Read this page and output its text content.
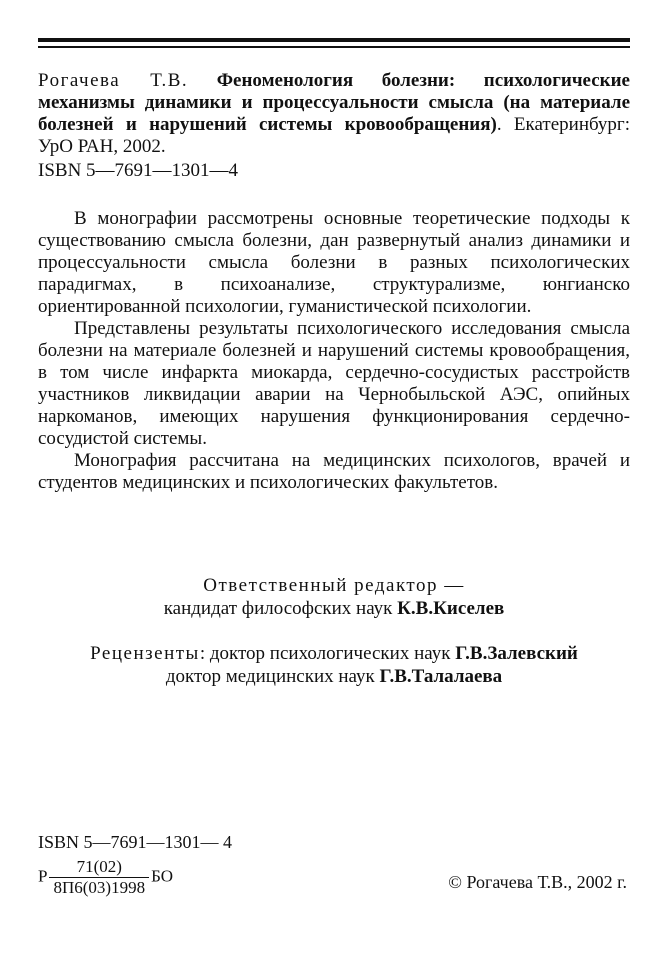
Рогачева Т.В. Феноменология болезни: психологические механизмы динамики и процессуальности смысла (на материале болезней и нарушений системы кровообращения). Екатеринбург: УрО РАН, 2002.
ISBN 5—7691—1301—4

В монографии рассмотрены основные теоретические подходы к существованию смысла болезни, дан развернутый анализ динамики и процессуальности смысла болезни в разных психологических парадигмах, в психоанализе, структурализме, юнгианско ориентированной психологии, гуманистической психологии.

Представлены результаты психологического исследования смысла болезни на материале болезней и нарушений системы кровообращения, в том числе инфаркта миокарда, сердечно-сосудистых расстройств участников ликвидации аварии на Чернобыльской АЭС, опийных наркоманов, имеющих нарушения функционирования сердечно-сосудистой системы.

Монография рассчитана на медицинских психологов, врачей и студентов медицинских и психологических факультетов.

Ответственный редактор —
кандидат философских наук К.В.Киселев
Рецензенты: доктор психологических наук Г.В.Залевский
доктор медицинских наук Г.В.Талалаева
ISBN 5—7691—1301— 4
Р $\frac{71(02)}{8П6(03)1998}$ БО	© Рогачева Т.В., 2002 г.
